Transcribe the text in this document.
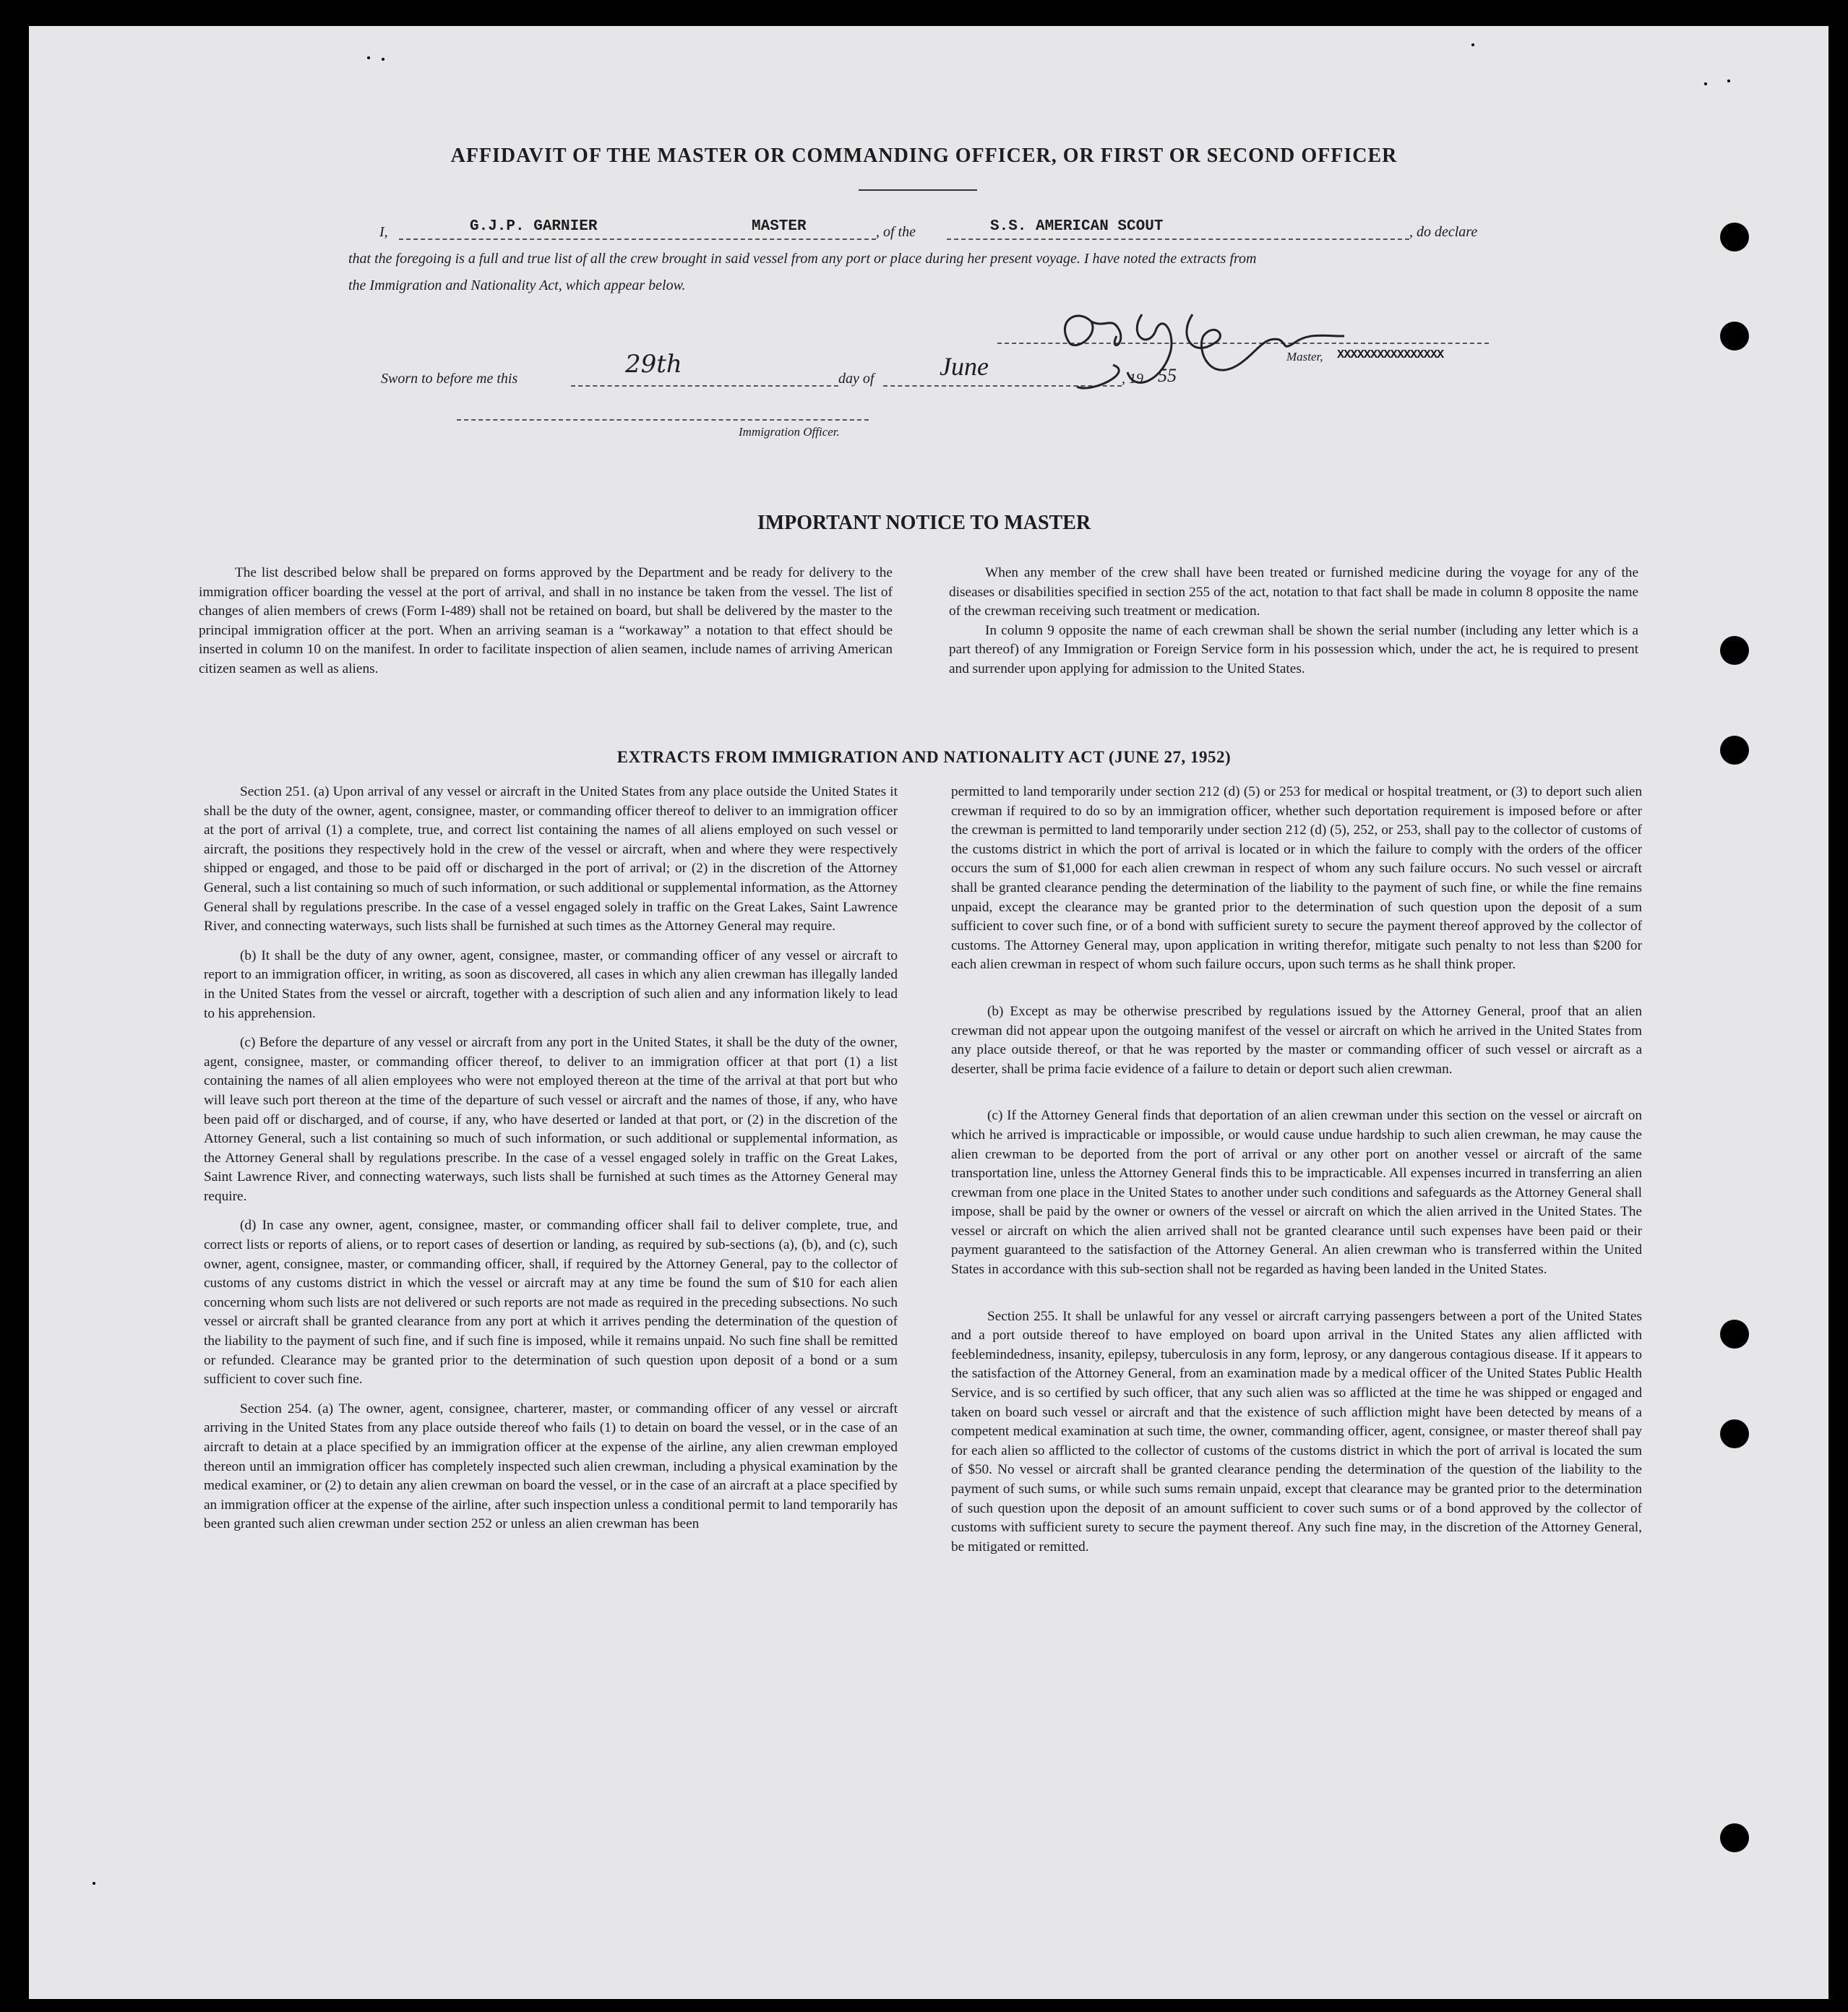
AFFIDAVIT OF THE MASTER OR COMMANDING OFFICER, OR FIRST OR SECOND OFFICER
I,	G.J.P. GARNIER	MASTER	, of the	S.S. AMERICAN SCOUT	, do declare
that the foregoing is a full and true list of all the crew brought in said vessel from any port or place during her present voyage. I have noted the extracts from
the Immigration and Nationality Act, which appear below.
Sworn to before me this	29th	day of	June	, 19 55
Master, XXXXXXXXXXXXXXXX
Immigration Officer.
IMPORTANT NOTICE TO MASTER

The list described below shall be prepared on forms approved by the Department and be ready for delivery to the immigration officer boarding the vessel at the port of arrival, and shall in no instance be taken from the vessel. The list of changes of alien members of crews (Form I-489) shall not be retained on board, but shall be delivered by the master to the principal immigration officer at the port. When an arriving seaman is a “workaway” a notation to that effect should be inserted in column 10 on the manifest. In order to facilitate inspection of alien seamen, include names of arriving American citizen seamen as well as aliens.

When any member of the crew shall have been treated or furnished medicine during the voyage for any of the diseases or disabilities specified in section 255 of the act, notation to that fact shall be made in column 8 opposite the name of the crewman receiving such treatment or medication.

In column 9 opposite the name of each crewman shall be shown the serial number (including any letter which is a part thereof) of any Immigration or Foreign Service form in his possession which, under the act, he is required to present and surrender upon applying for admission to the United States.

EXTRACTS FROM IMMIGRATION AND NATIONALITY ACT (JUNE 27, 1952)

Section 251. (a) Upon arrival of any vessel or aircraft in the United States from any place outside the United States it shall be the duty of the owner, agent, consignee, master, or commanding officer thereof to deliver to an immigration officer at the port of arrival (1) a complete, true, and correct list containing the names of all aliens employed on such vessel or aircraft, the positions they respectively hold in the crew of the vessel or aircraft, when and where they were respectively shipped or engaged, and those to be paid off or discharged in the port of arrival; or (2) in the discretion of the Attorney General, such a list containing so much of such information, or such additional or supplemental information, as the Attorney General shall by regulations prescribe. In the case of a vessel engaged solely in traffic on the Great Lakes, Saint Lawrence River, and connecting waterways, such lists shall be furnished at such times as the Attorney General may require.

(b) It shall be the duty of any owner, agent, consignee, master, or commanding officer of any vessel or aircraft to report to an immigration officer, in writing, as soon as discovered, all cases in which any alien crewman has illegally landed in the United States from the vessel or aircraft, together with a description of such alien and any information likely to lead to his apprehension.

(c) Before the departure of any vessel or aircraft from any port in the United States, it shall be the duty of the owner, agent, consignee, master, or commanding officer thereof, to deliver to an immigration officer at that port (1) a list containing the names of all alien employees who were not employed thereon at the time of the arrival at that port but who will leave such port thereon at the time of the departure of such vessel or aircraft and the names of those, if any, who have been paid off or discharged, and of course, if any, who have deserted or landed at that port, or (2) in the discretion of the Attorney General, such a list containing so much of such information, or such additional or supplemental information, as the Attorney General shall by regulations prescribe. In the case of a vessel engaged solely in traffic on the Great Lakes, Saint Lawrence River, and connecting waterways, such lists shall be furnished at such times as the Attorney General may require.

(d) In case any owner, agent, consignee, master, or commanding officer shall fail to deliver complete, true, and correct lists or reports of aliens, or to report cases of desertion or landing, as required by sub-sections (a), (b), and (c), such owner, agent, consignee, master, or commanding officer, shall, if required by the Attorney General, pay to the collector of customs of any customs district in which the vessel or aircraft may at any time be found the sum of $10 for each alien concerning whom such lists are not delivered or such reports are not made as required in the preceding subsections. No such vessel or aircraft shall be granted clearance from any port at which it arrives pending the determination of the question of the liability to the payment of such fine, and if such fine is imposed, while it remains unpaid. No such fine shall be remitted or refunded. Clearance may be granted prior to the determination of such question upon deposit of a bond or a sum sufficient to cover such fine.

Section 254. (a) The owner, agent, consignee, charterer, master, or commanding officer of any vessel or aircraft arriving in the United States from any place outside thereof who fails (1) to detain on board the vessel, or in the case of an aircraft to detain at a place specified by an immigration officer at the expense of the airline, any alien crewman employed thereon until an immigration officer has completely inspected such alien crewman, including a physical examination by the medical examiner, or (2) to detain any alien crewman on board the vessel, or in the case of an aircraft at a place specified by an immigration officer at the expense of the airline, after such inspection unless a conditional permit to land temporarily has been granted such alien crewman under section 252 or unless an alien crewman has been

permitted to land temporarily under section 212 (d) (5) or 253 for medical or hospital treatment, or (3) to deport such alien crewman if required to do so by an immigration officer, whether such deportation requirement is imposed before or after the crewman is permitted to land temporarily under section 212 (d) (5), 252, or 253, shall pay to the collector of customs of the customs district in which the port of arrival is located or in which the failure to comply with the orders of the officer occurs the sum of $1,000 for each alien crewman in respect of whom any such failure occurs. No such vessel or aircraft shall be granted clearance pending the determination of the liability to the payment of such fine, or while the fine remains unpaid, except the clearance may be granted prior to the determination of such question upon the deposit of a sum sufficient to cover such fine, or of a bond with sufficient surety to secure the payment thereof approved by the collector of customs. The Attorney General may, upon application in writing therefor, mitigate such penalty to not less than $200 for each alien crewman in respect of whom such failure occurs, upon such terms as he shall think proper.

(b) Except as may be otherwise prescribed by regulations issued by the Attorney General, proof that an alien crewman did not appear upon the outgoing manifest of the vessel or aircraft on which he arrived in the United States from any place outside thereof, or that he was reported by the master or commanding officer of such vessel or aircraft as a deserter, shall be prima facie evidence of a failure to detain or deport such alien crewman.

(c) If the Attorney General finds that deportation of an alien crewman under this section on the vessel or aircraft on which he arrived is impracticable or impossible, or would cause undue hardship to such alien crewman, he may cause the alien crewman to be deported from the port of arrival or any other port on another vessel or aircraft of the same transportation line, unless the Attorney General finds this to be impracticable. All expenses incurred in transferring an alien crewman from one place in the United States to another under such conditions and safeguards as the Attorney General shall impose, shall be paid by the owner or owners of the vessel or aircraft on which the alien arrived in the United States. The vessel or aircraft on which the alien arrived shall not be granted clearance until such expenses have been paid or their payment guaranteed to the satisfaction of the Attorney General. An alien crewman who is transferred within the United States in accordance with this sub-section shall not be regarded as having been landed in the United States.

Section 255. It shall be unlawful for any vessel or aircraft carrying passengers between a port of the United States and a port outside thereof to have employed on board upon arrival in the United States any alien afflicted with feeblemindedness, insanity, epilepsy, tuberculosis in any form, leprosy, or any dangerous contagious disease. If it appears to the satisfaction of the Attorney General, from an examination made by a medical officer of the United States Public Health Service, and is so certified by such officer, that any such alien was so afflicted at the time he was shipped or engaged and taken on board such vessel or aircraft and that the existence of such affliction might have been detected by means of a competent medical examination at such time, the owner, commanding officer, agent, consignee, or master thereof shall pay for each alien so afflicted to the collector of customs of the customs district in which the port of arrival is located the sum of $50. No vessel or aircraft shall be granted clearance pending the determination of the question of the liability to the payment of such sums, or while such sums remain unpaid, except that clearance may be granted prior to the determination of such question upon the deposit of an amount sufficient to cover such sums or of a bond approved by the collector of customs with sufficient surety to secure the payment thereof. Any such fine may, in the discretion of the Attorney General, be mitigated or remitted.
